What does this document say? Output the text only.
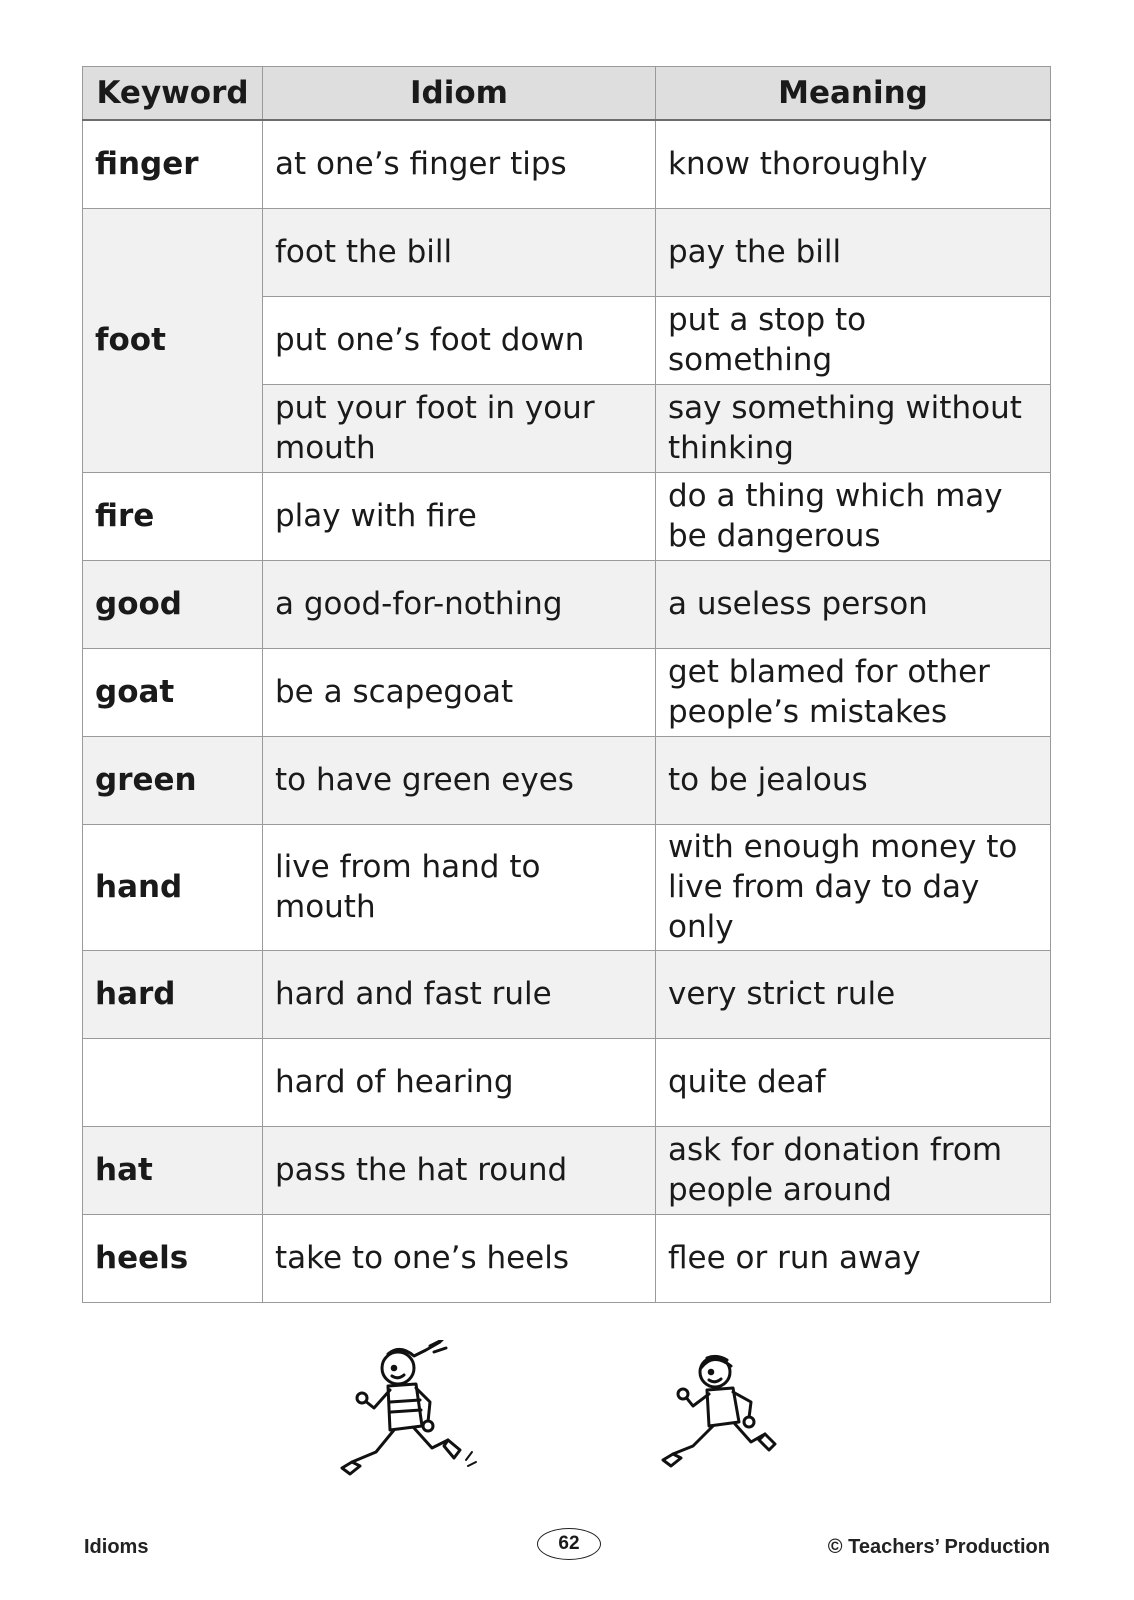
Keyword	Idiom	Meaning
finger	at one’s finger tips	know thoroughly
foot	foot the bill	pay the bill
	put one’s foot down	put a stop to something
	put your foot in your mouth	say something without thinking
fire	play with fire	do a thing which may be dangerous
good	a good-for-nothing	a useless person
goat	be a scapegoat	get blamed for other people’s mistakes
green	to have green eyes	to be jealous
hand	live from hand to mouth	with enough money to live from day to day only
hard	hard and fast rule	very strict rule
	hard of hearing	quite deaf
hat	pass the hat round	ask for donation from people around
heels	take to one’s heels	flee or run away
Idioms	62	© Teachers’ Production
